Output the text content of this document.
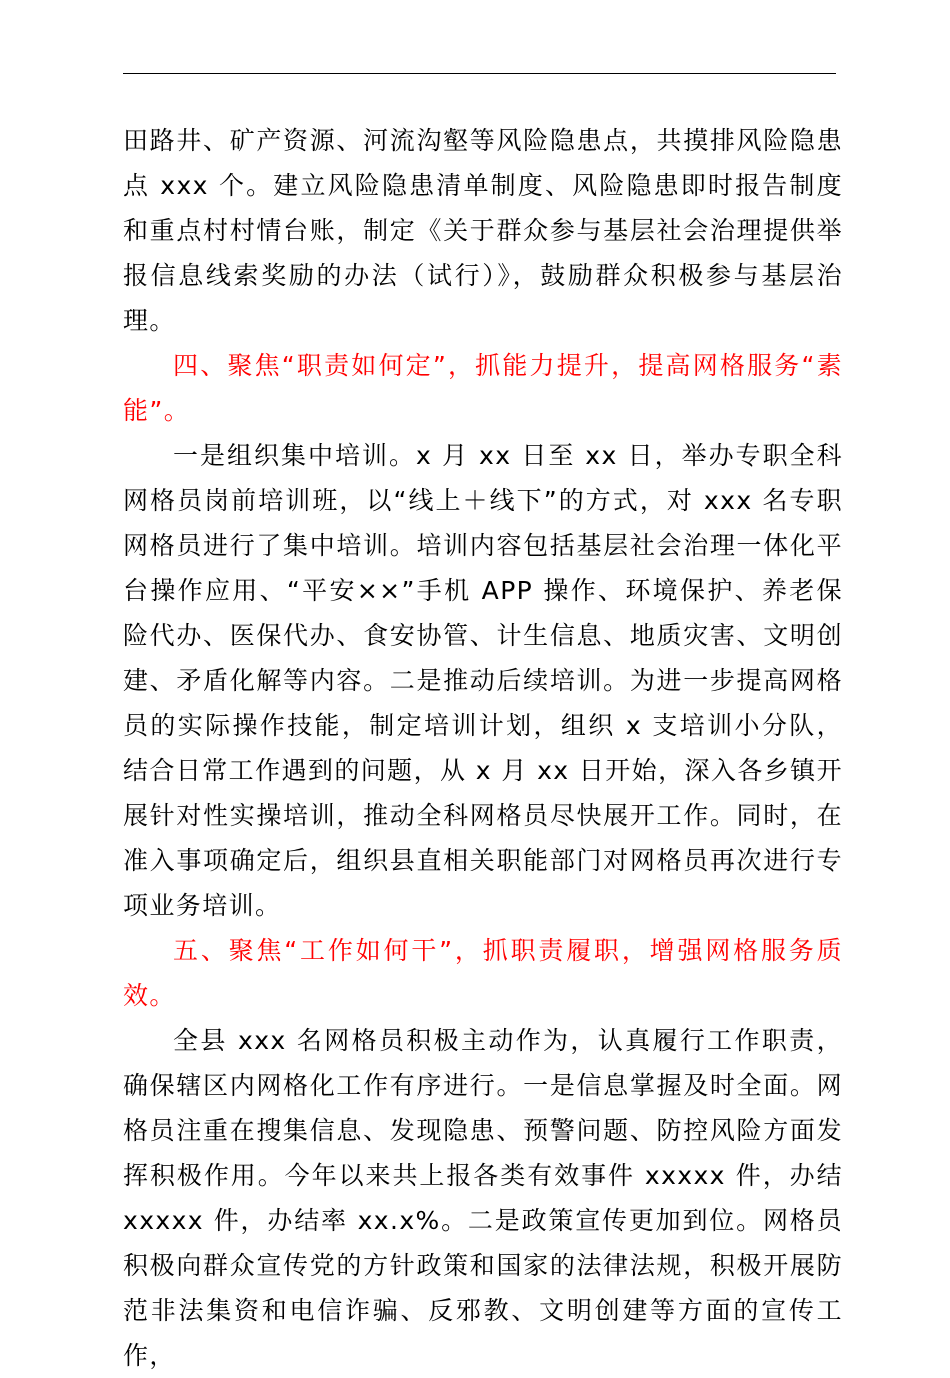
田路井、矿产资源、河流沟壑等风险隐患点，共摸排风险隐患点 xxx 个。建立风险隐患清单制度、风险隐患即时报告制度和重点村村情台账，制定《关于群众参与基层社会治理提供举报信息线索奖励的办法（试行）》，鼓励群众积极参与基层治理。

四、聚焦“职责如何定”，抓能力提升，提高网格服务“素能”。

一是组织集中培训。x 月 xx 日至 xx 日，举办专职全科网格员岗前培训班，以“线上＋线下”的方式，对 xxx 名专职网格员进行了集中培训。培训内容包括基层社会治理一体化平台操作应用、“平安××”手机 APP 操作、环境保护、养老保险代办、医保代办、食安协管、计生信息、地质灾害、文明创建、矛盾化解等内容。二是推动后续培训。为进一步提高网格员的实际操作技能，制定培训计划，组织 x 支培训小分队，结合日常工作遇到的问题，从 x 月 xx 日开始，深入各乡镇开展针对性实操培训，推动全科网格员尽快展开工作。同时，在准入事项确定后，组织县直相关职能部门对网格员再次进行专项业务培训。

五、聚焦“工作如何干”，抓职责履职，增强网格服务质效。

全县 xxx 名网格员积极主动作为，认真履行工作职责，确保辖区内网格化工作有序进行。一是信息掌握及时全面。网格员注重在搜集信息、发现隐患、预警问题、防控风险方面发挥积极作用。今年以来共上报各类有效事件 xxxxx 件，办结 xxxxx 件，办结率 xx.x%。二是政策宣传更加到位。网格员积极向群众宣传党的方针政策和国家的法律法规，积极开展防范非法集资和电信诈骗、反邪教、文明创建等方面的宣传工作，
